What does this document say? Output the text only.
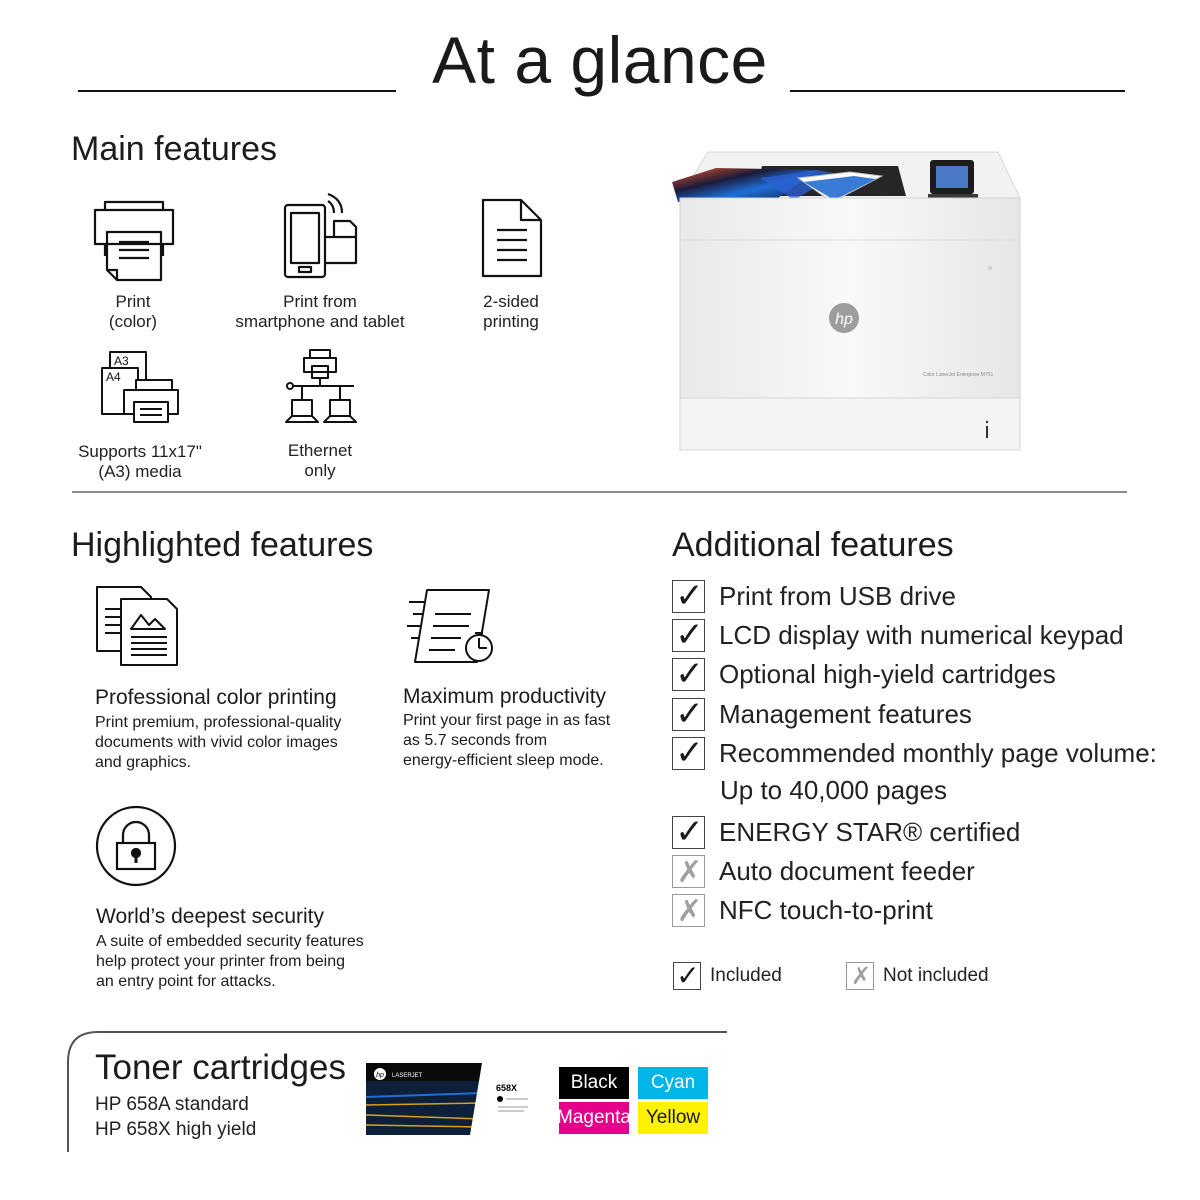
At a glance
Main features
Print
(color)
Print from
smartphone and tablet
2-sided
printing
A3
A4
Supports 11x17"
(A3) media
Ethernet
only
hp
Color LaserJet Enterprise M751
Highlighted features
Professional color printing
Print premium, professional-quality
documents with vivid color images
and graphics.
Maximum productivity
Print your first page in as fast
as 5.7 seconds from
energy-efficient sleep mode.
World’s deepest security
A suite of embedded security features
help protect your printer from being
an entry point for attacks.
Additional features
✓ Print from USB drive
✓ LCD display with numerical keypad
✓ Optional high-yield cartridges
✓ Management features
✓ Recommended monthly page volume:
Up to 40,000 pages
✓ ENERGY STAR® certified
✗ Auto document feeder
✗ NFC touch-to-print
✓ Included	✗ Not included
Toner cartridges
HP 658A standard
HP 658X high yield
hp LASERJET
658X	Black	Cyan
Magenta Yellow
